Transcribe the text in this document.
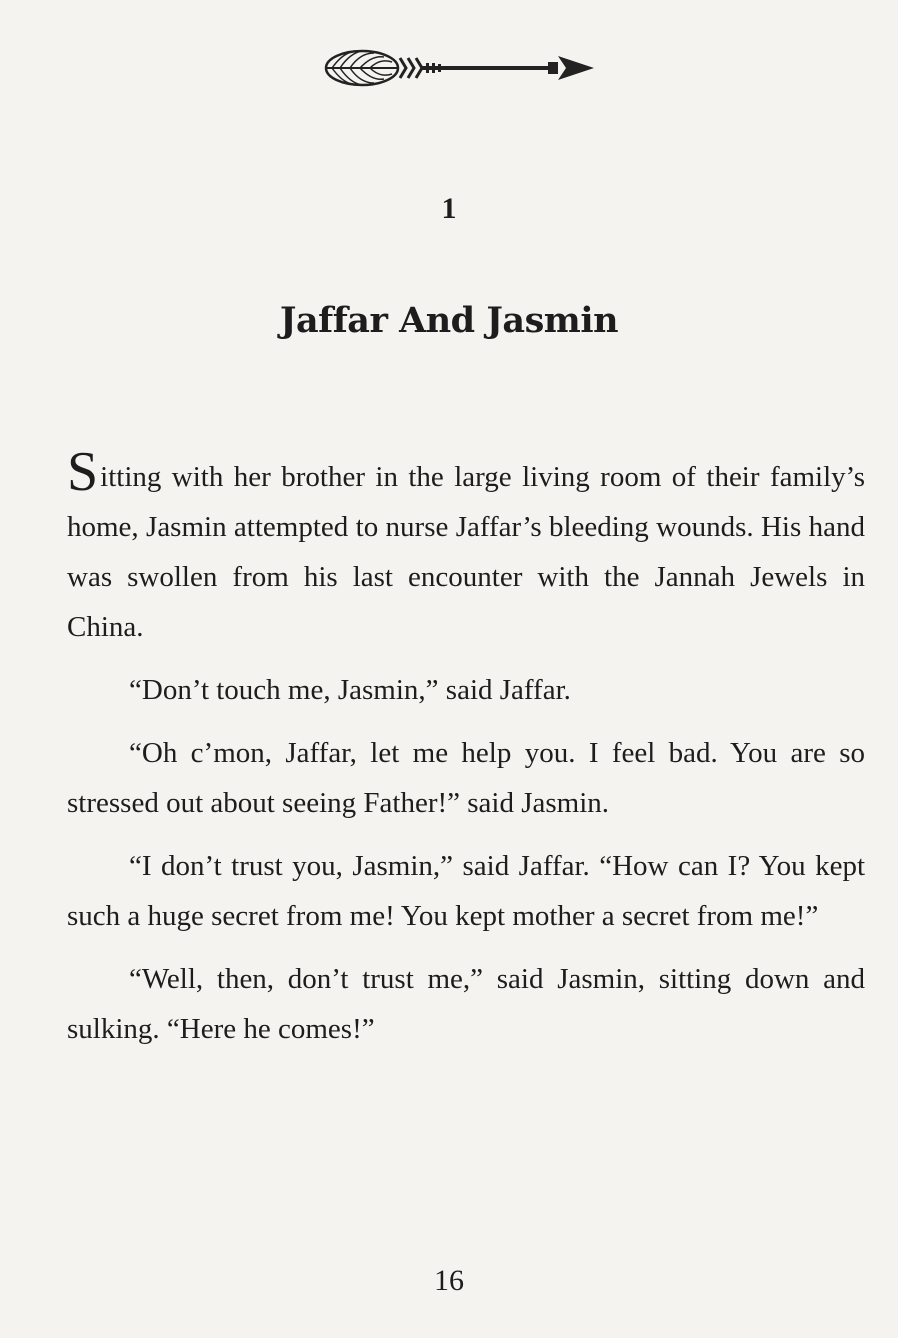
1
Jaffar And Jasmin

Sitting with her brother in the large living room of their family’s home, Jasmin attempted to nurse Jaffar’s bleeding wounds. His hand was swollen from his last encounter with the Jannah Jewels in China.

“Don’t touch me, Jasmin,” said Jaffar.

“Oh c’mon, Jaffar, let me help you. I feel bad. You are so stressed out about seeing Father!” said Jasmin.

“I don’t trust you, Jasmin,” said Jaffar. “How can I? You kept such a huge secret from me! You kept mother a secret from me!”

“Well, then, don’t trust me,” said Jasmin, sitting down and sulking. “Here he comes!”

16
